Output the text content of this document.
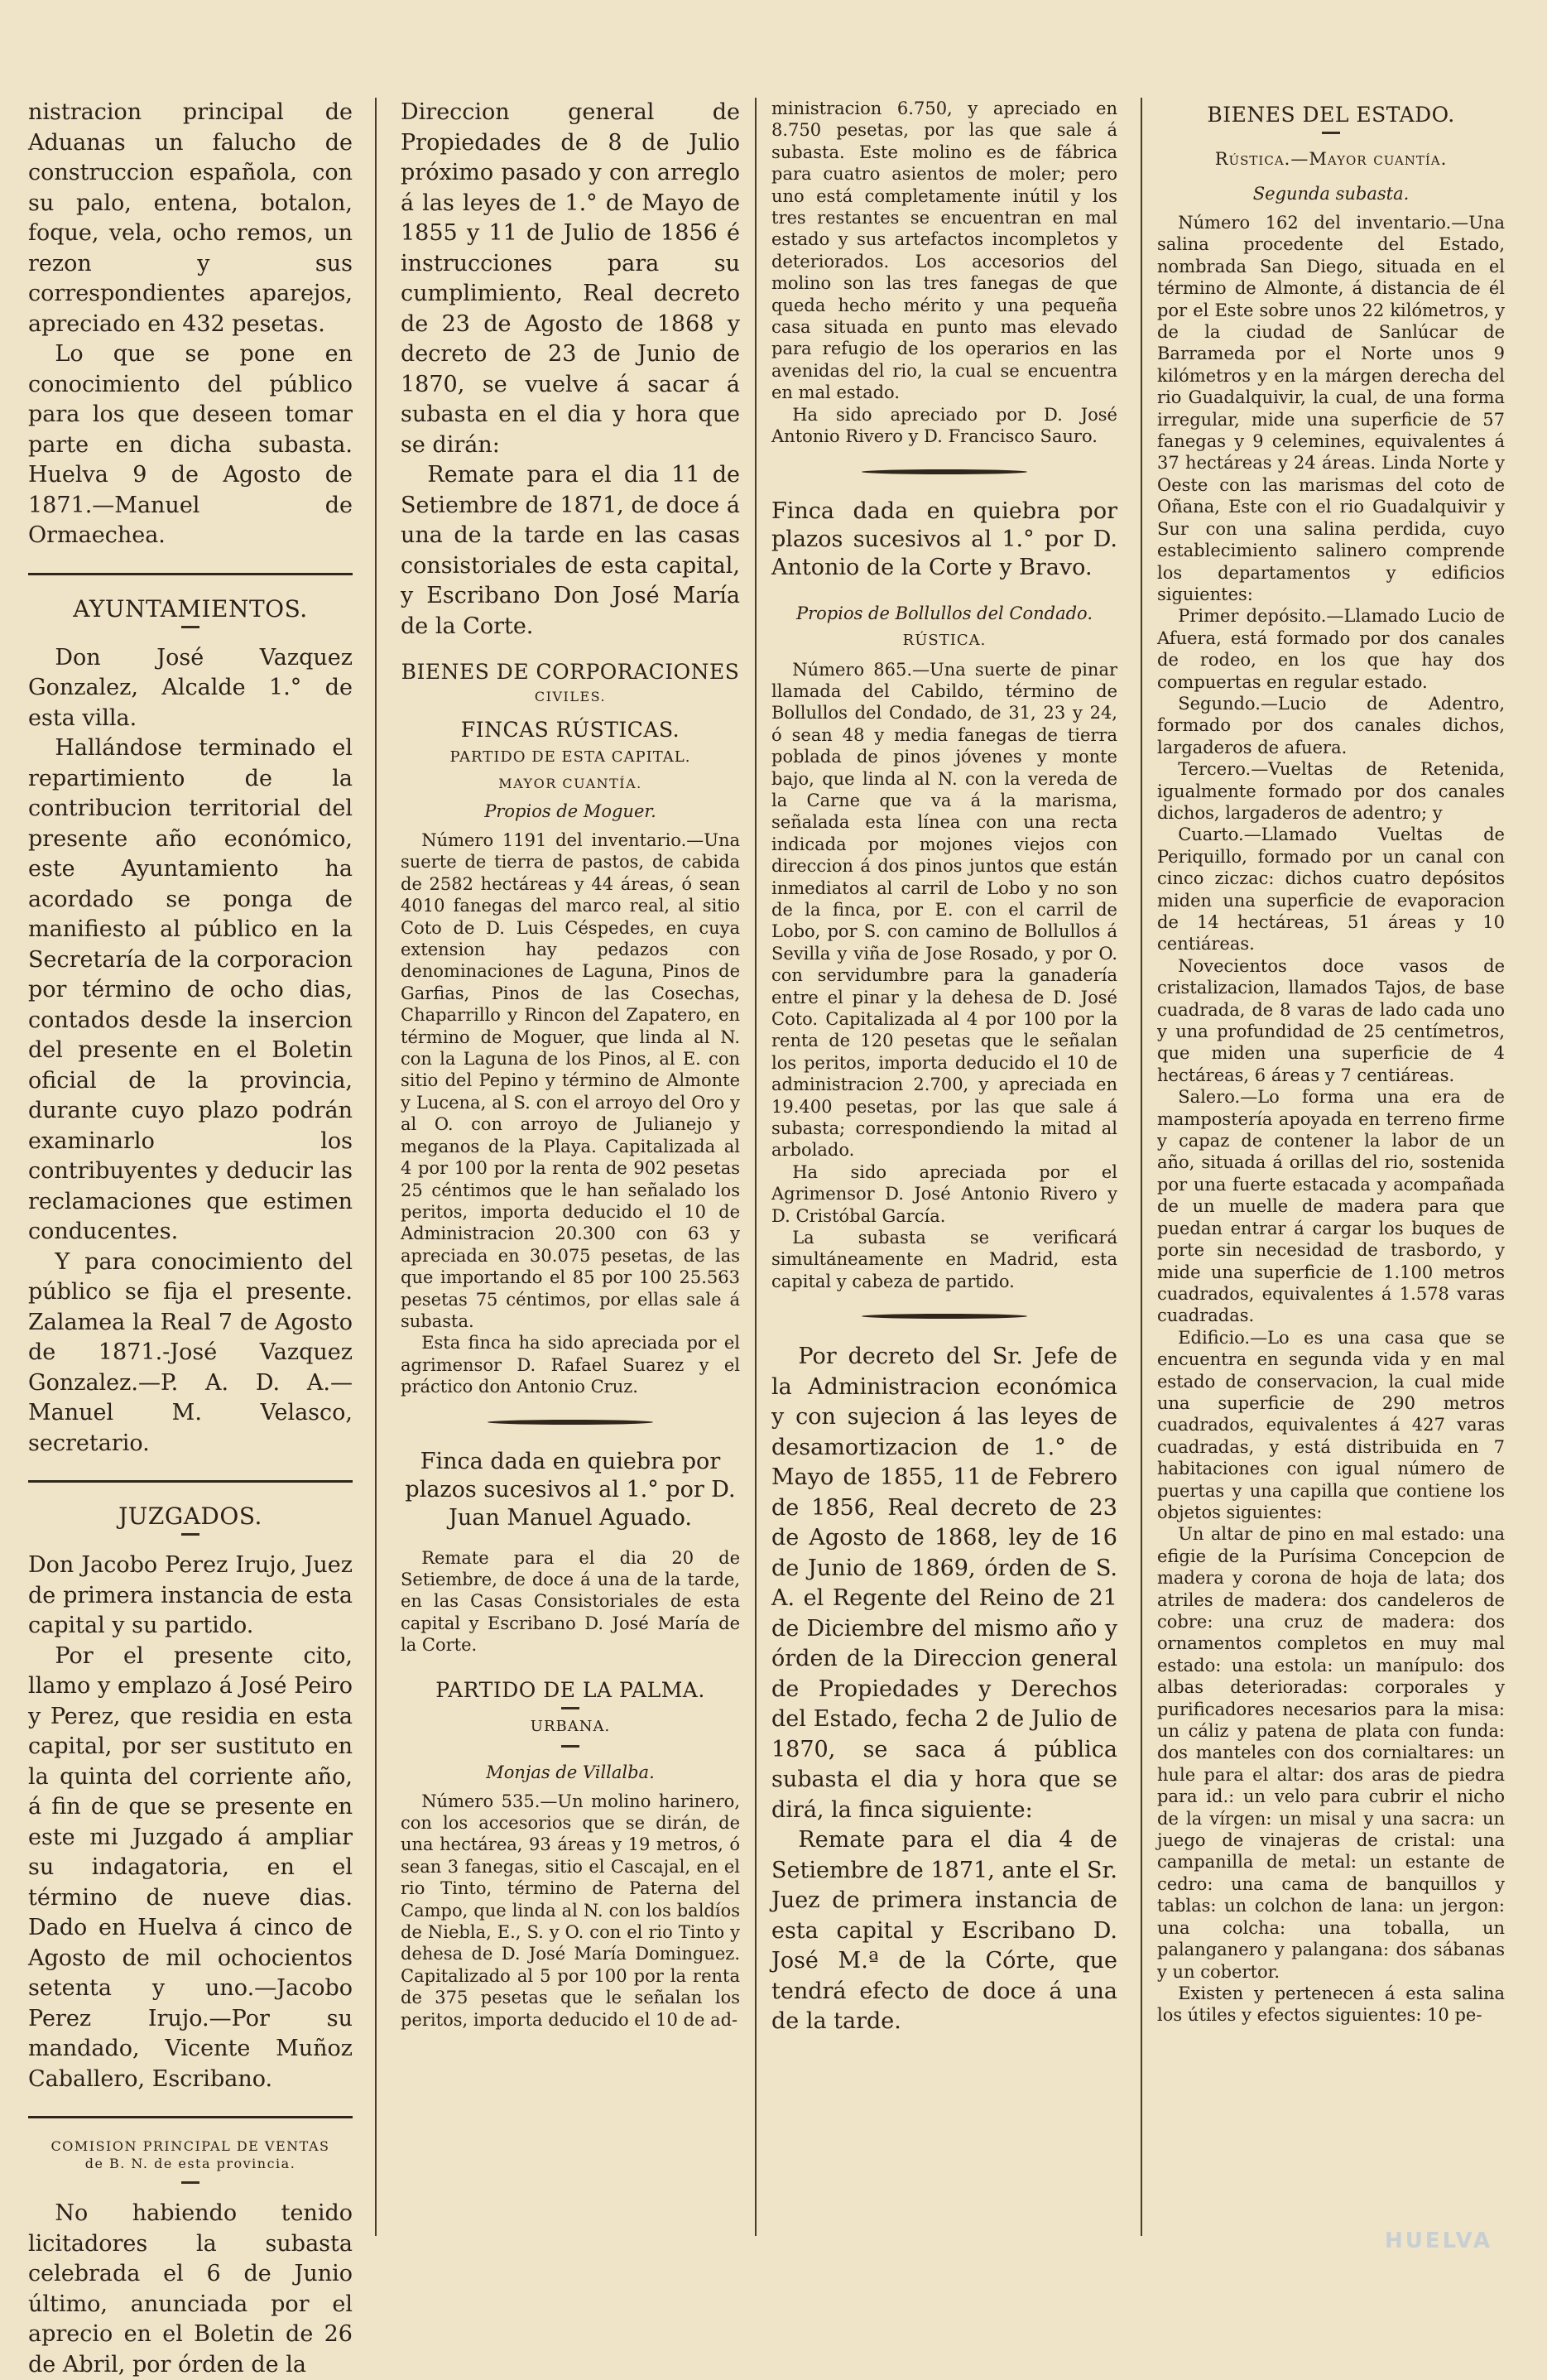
nistracion principal de Aduanas un falucho de construccion española, con su palo, entena, botalon, foque, vela, ocho remos, un rezon y sus correspondientes aparejos, apreciado en 432 pesetas.

Lo que se pone en conocimiento del público para los que deseen tomar parte en dicha subasta. Huelva 9 de Agosto de 1871.—Manuel de Ormaechea.

AYUNTAMIENTOS.

Don José Vazquez Gonzalez, Alcalde 1.° de esta villa.

Hallándose terminado el repartimiento de la contribucion territorial del presente año económico, este Ayuntamiento ha acordado se ponga de manifiesto al público en la Secretaría de la corporacion por término de ocho dias, contados desde la insercion del presente en el Boletin oficial de la provincia, durante cuyo plazo podrán examinarlo los contribuyentes y deducir las reclamaciones que estimen conducentes.

Y para conocimiento del público se fija el presente. Zalamea la Real 7 de Agosto de 1871.-José Vazquez Gonzalez.—P. A. D. A.—Manuel M. Velasco, secretario.

JUZGADOS.

Don Jacobo Perez Irujo, Juez de primera instancia de esta capital y su partido.

Por el presente cito, llamo y emplazo á José Peiro y Perez, que residia en esta capital, por ser sustituto en la quinta del corriente año, á fin de que se presente en este mi Juzgado á ampliar su indagatoria, en el término de nueve dias. Dado en Huelva á cinco de Agosto de mil ochocientos setenta y uno.—Jacobo Perez Irujo.—Por su mandado, Vicente Muñoz Caballero, Escribano.

COMISION PRINCIPAL DE VENTAS
de B. N. de esta provincia.

No habiendo tenido licitadores la subasta celebrada el 6 de Junio último, anunciada por el aprecio en el Boletin de 26 de Abril, por órden de la

Direccion general de Propiedades de 8 de Julio próximo pasado y con arreglo á las leyes de 1.° de Mayo de 1855 y 11 de Julio de 1856 é instrucciones para su cumplimiento, Real decreto de 23 de Agosto de 1868 y decreto de 23 de Junio de 1870, se vuelve á sacar á subasta en el dia y hora que se dirán:

Remate para el dia 11 de Setiembre de 1871, de doce á una de la tarde en las casas consistoriales de esta capital, y Escribano Don José María de la Corte.

BIENES DE CORPORACIONES
CIVILES.
FINCAS RÚSTICAS.
PARTIDO DE ESTA CAPITAL.
MAYOR CUANTÍA.
Propios de Moguer.

Número 1191 del inventario.—Una suerte de tierra de pastos, de cabida de 2582 hectáreas y 44 áreas, ó sean 4010 fanegas del marco real, al sitio Coto de D. Luis Céspedes, en cuya extension hay pedazos con denominaciones de Laguna, Pinos de Garfias, Pinos de las Cosechas, Chaparrillo y Rincon del Zapatero, en término de Moguer, que linda al N. con la Laguna de los Pinos, al E. con sitio del Pepino y término de Almonte y Lucena, al S. con el arroyo del Oro y al O. con arroyo de Julianejo y meganos de la Playa. Capitalizada al 4 por 100 por la renta de 902 pesetas 25 céntimos que le han señalado los peritos, importa deducido el 10 de Administracion 20.300 con 63 y apreciada en 30.075 pesetas, de las que importando el 85 por 100 25.563 pesetas 75 céntimos, por ellas sale á subasta.

Esta finca ha sido apreciada por el agrimensor D. Rafael Suarez y el práctico don Antonio Cruz.

Finca dada en quiebra por plazos sucesivos al 1.° por D. Juan Manuel Aguado.

Remate para el dia 20 de Setiembre, de doce á una de la tarde, en las Casas Consistoriales de esta capital y Escribano D. José María de la Corte.

PARTIDO DE LA PALMA.
URBANA.
Monjas de Villalba.

Número 535.—Un molino harinero, con los accesorios que se dirán, de una hectárea, 93 áreas y 19 metros, ó sean 3 fanegas, sitio el Cascajal, en el rio Tinto, término de Paterna del Campo, que linda al N. con los baldíos de Niebla, E., S. y O. con el rio Tinto y dehesa de D. José María Dominguez. Capitalizado al 5 por 100 por la renta de 375 pesetas que le señalan los peritos, importa deducido el 10 de ad-

ministracion 6.750, y apreciado en 8.750 pesetas, por las que sale á subasta. Este molino es de fábrica para cuatro asientos de moler; pero uno está completamente inútil y los tres restantes se encuentran en mal estado y sus artefactos incompletos y deteriorados. Los accesorios del molino son las tres fanegas de que queda hecho mérito y una pequeña casa situada en punto mas elevado para refugio de los operarios en las avenidas del rio, la cual se encuentra en mal estado.

Ha sido apreciado por D. José Antonio Rivero y D. Francisco Sauro.

Finca dada en quiebra por plazos sucesivos al 1.° por D. Antonio de la Corte y Bravo.

Propios de Bollullos del Condado.
RÚSTICA.

Número 865.—Una suerte de pinar llamada del Cabildo, término de Bollullos del Condado, de 31, 23 y 24, ó sean 48 y media fanegas de tierra poblada de pinos jóvenes y monte bajo, que linda al N. con la vereda de la Carne que va á la marisma, señalada esta línea con una recta indicada por mojones viejos con direccion á dos pinos juntos que están inmediatos al carril de Lobo y no son de la finca, por E. con el carril de Lobo, por S. con camino de Bollullos á Sevilla y viña de Jose Rosado, y por O. con servidumbre para la ganadería entre el pinar y la dehesa de D. José Coto. Capitalizada al 4 por 100 por la renta de 120 pesetas que le señalan los peritos, importa deducido el 10 de administracion 2.700, y apreciada en 19.400 pesetas, por las que sale á subasta; correspondiendo la mitad al arbolado.

Ha sido apreciada por el Agrimensor D. José Antonio Rivero y D. Cristóbal García.

La subasta se verificará simultáneamente en Madrid, esta capital y cabeza de partido.

Por decreto del Sr. Jefe de la Administracion económica y con sujecion á las leyes de desamortizacion de 1.° de Mayo de 1855, 11 de Febrero de 1856, Real decreto de 23 de Agosto de 1868, ley de 16 de Junio de 1869, órden de S. A. el Regente del Reino de 21 de Diciembre del mismo año y órden de la Direccion general de Propiedades y Derechos del Estado, fecha 2 de Julio de 1870, se saca á pública subasta el dia y hora que se dirá, la finca siguiente:

Remate para el dia 4 de Setiembre de 1871, ante el Sr. Juez de primera instancia de esta capital y Escribano D. José M.ª de la Córte, que tendrá efecto de doce á una de la tarde.

BIENES DEL ESTADO.
Rústica.—Mayor cuantía.
Segunda subasta.

Número 162 del inventario.—Una salina procedente del Estado, nombrada San Diego, situada en el término de Almonte, á distancia de él por el Este sobre unos 22 kilómetros, y de la ciudad de Sanlúcar de Barrameda por el Norte unos 9 kilómetros y en la márgen derecha del rio Guadalquivir, la cual, de una forma irregular, mide una superficie de 57 fanegas y 9 celemines, equivalentes á 37 hectáreas y 24 áreas. Linda Norte y Oeste con las marismas del coto de Oñana, Este con el rio Guadalquivir y Sur con una salina perdida, cuyo establecimiento salinero comprende los departamentos y edificios siguientes:

Primer depósito.—Llamado Lucio de Afuera, está formado por dos canales de rodeo, en los que hay dos compuertas en regular estado.

Segundo.—Lucio de Adentro, formado por dos canales dichos, largaderos de afuera.

Tercero.—Vueltas de Retenida, igualmente formado por dos canales dichos, largaderos de adentro; y

Cuarto.—Llamado Vueltas de Periquillo, formado por un canal con cinco ziczac: dichos cuatro depósitos miden una superficie de evaporacion de 14 hectáreas, 51 áreas y 10 centiáreas.

Novecientos doce vasos de cristalizacion, llamados Tajos, de base cuadrada, de 8 varas de lado cada uno y una profundidad de 25 centímetros, que miden una superficie de 4 hectáreas, 6 áreas y 7 centiáreas.

Salero.—Lo forma una era de mampostería apoyada en terreno firme y capaz de contener la labor de un año, situada á orillas del rio, sostenida por una fuerte estacada y acompañada de un muelle de madera para que puedan entrar á cargar los buques de porte sin necesidad de trasbordo, y mide una superficie de 1.100 metros cuadrados, equivalentes á 1.578 varas cuadradas.

Edificio.—Lo es una casa que se encuentra en segunda vida y en mal estado de conservacion, la cual mide una superficie de 290 metros cuadrados, equivalentes á 427 varas cuadradas, y está distribuida en 7 habitaciones con igual número de puertas y una capilla que contiene los objetos siguientes:

Un altar de pino en mal estado: una efigie de la Purísima Concepcion de madera y corona de hoja de lata; dos atriles de madera: dos candeleros de cobre: una cruz de madera: dos ornamentos completos en muy mal estado: una estola: un manípulo: dos albas deterioradas: corporales y purificadores necesarios para la misa: un cáliz y patena de plata con funda: dos manteles con dos cornialtares: un hule para el altar: dos aras de piedra para id.: un velo para cubrir el nicho de la vírgen: un misal y una sacra: un juego de vinajeras de cristal: una campanilla de metal: un estante de cedro: una cama de banquillos y tablas: un colchon de lana: un jergon: una colcha: una toballa, un palanganero y palangana: dos sábanas y un cobertor.

Existen y pertenecen á esta salina los útiles y efectos siguientes: 10 pe-

HUELVA
